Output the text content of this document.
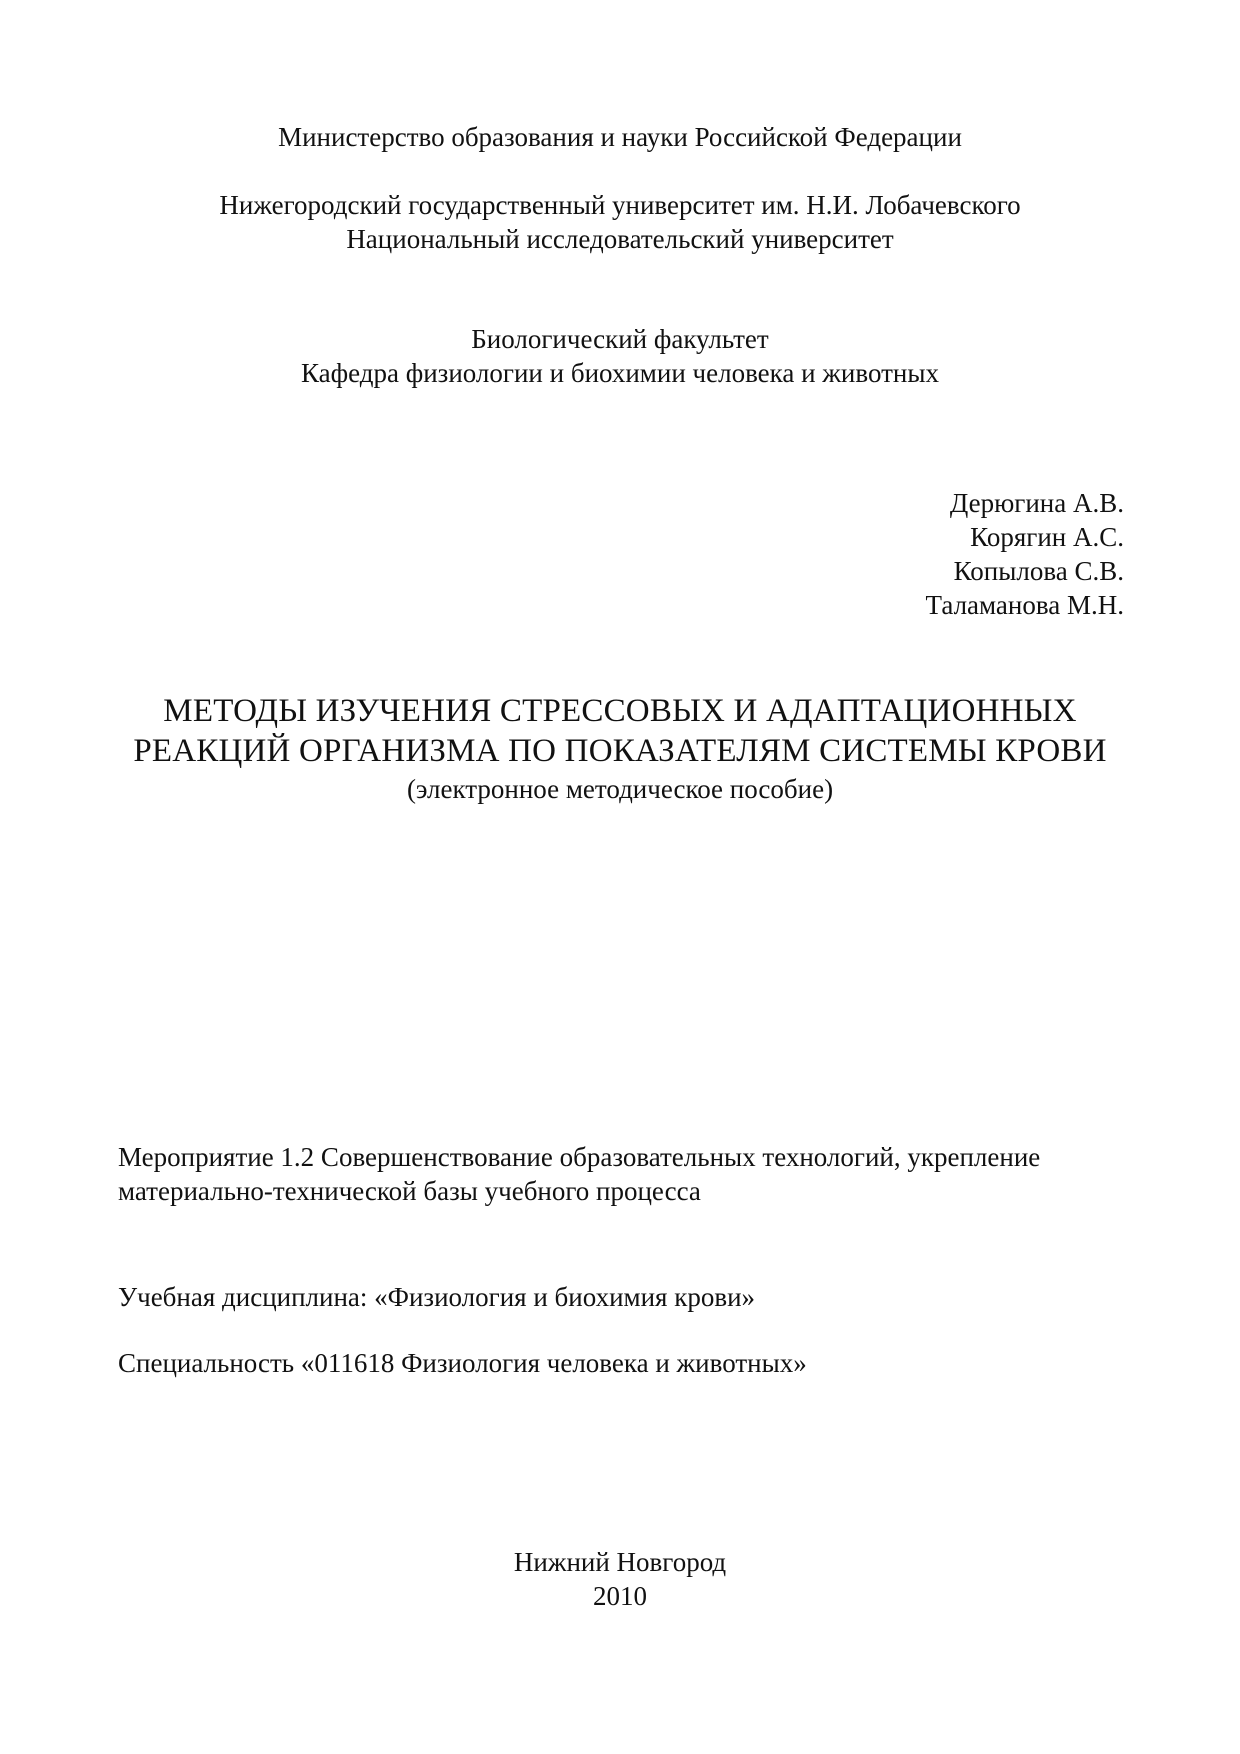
Министерство образования и науки Российской Федерации
Нижегородский государственный университет им. Н.И. Лобачевского
Национальный исследовательский университет
Биологический факультет
Кафедра физиологии и биохимии человека и животных
Дерюгина А.В.
Корягин А.С.
Копылова С.В.
Таламанова М.Н.
МЕТОДЫ ИЗУЧЕНИЯ СТРЕССОВЫХ И АДАПТАЦИОННЫХ
РЕАКЦИЙ ОРГАНИЗМА ПО ПОКАЗАТЕЛЯМ СИСТЕМЫ КРОВИ
(электронное методическое пособие)
Мероприятие 1.2 Совершенствование образовательных технологий, укрепление
материально-технической базы учебного процесса
Учебная дисциплина: «Физиология и биохимия крови»
Специальность «011618 Физиология человека и животных»
Нижний Новгород
2010
